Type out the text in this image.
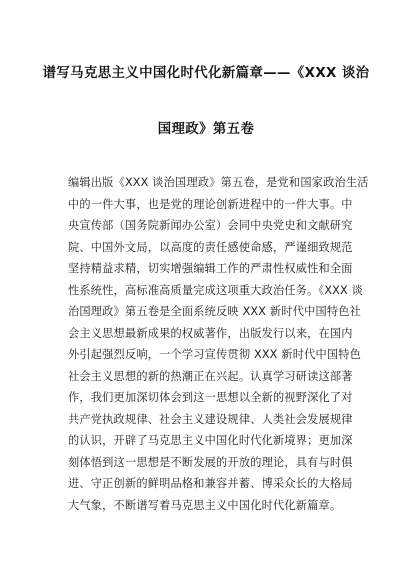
谱写马克思主义中国化时代化新篇章——《XXX 谈治
国理政》第五卷
编辑出版《XXX 谈治国理政》第五卷，是党和国家政治生活
中的一件大事，也是党的理论创新进程中的一件大事。中
央宣传部（国务院新闻办公室）会同中央党史和文献研究
院、中国外文局，以高度的责任感使命感，严谨细致规范
坚持精益求精，切实增强编辑工作的严肃性权威性和全面
性系统性，高标准高质量完成这项重大政治任务。《XXX 谈
治国理政》第五卷是全面系统反映 XXX 新时代中国特色社
会主义思想最新成果的权威著作，出版发行以来，在国内
外引起强烈反响，一个学习宣传贯彻 XXX 新时代中国特色
社会主义思想的新的热潮正在兴起。认真学习研读这部著
作，我们更加深切体会到这一思想以全新的视野深化了对
共产党执政规律、社会主义建设规律、人类社会发展规律
的认识，开辟了马克思主义中国化时代化新境界；更加深
刻体悟到这一思想是不断发展的开放的理论，具有与时俱
进、守正创新的鲜明品格和兼容并蓄、博采众长的大格局
大气象，不断谱写着马克思主义中国化时代化新篇章。
